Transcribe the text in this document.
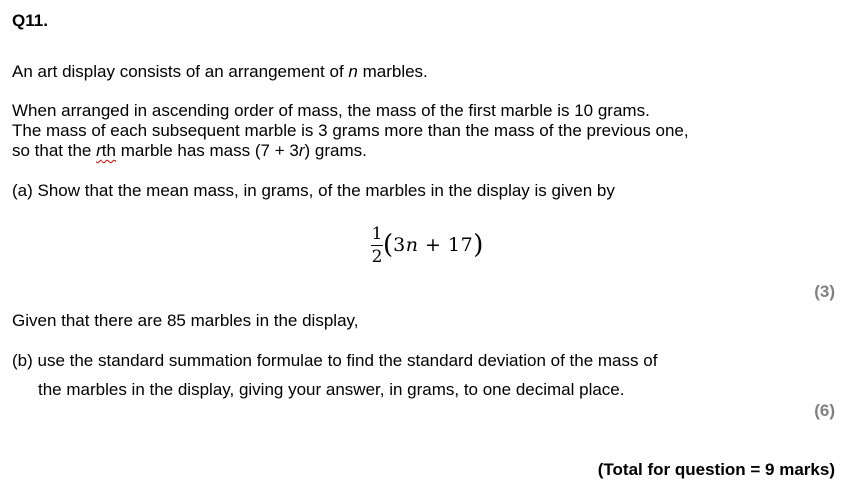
Q11.
An art display consists of an arrangement of n marbles.
When arranged in ascending order of mass, the mass of the first marble is 10 grams.
The mass of each subsequent marble is 3 grams more than the mass of the previous one,
so that the rth marble has mass (7 + 3r) grams.
(a) Show that the mean mass, in grams, of the marbles in the display is given by
$\frac{1}{2}$ ( 3n + 17 )
(3)
Given that there are 85 marbles in the display,
(b) use the standard summation formulae to find the standard deviation of the mass of
the marbles in the display, giving your answer, in grams, to one decimal place.
(6)
(Total for question = 9 marks)
